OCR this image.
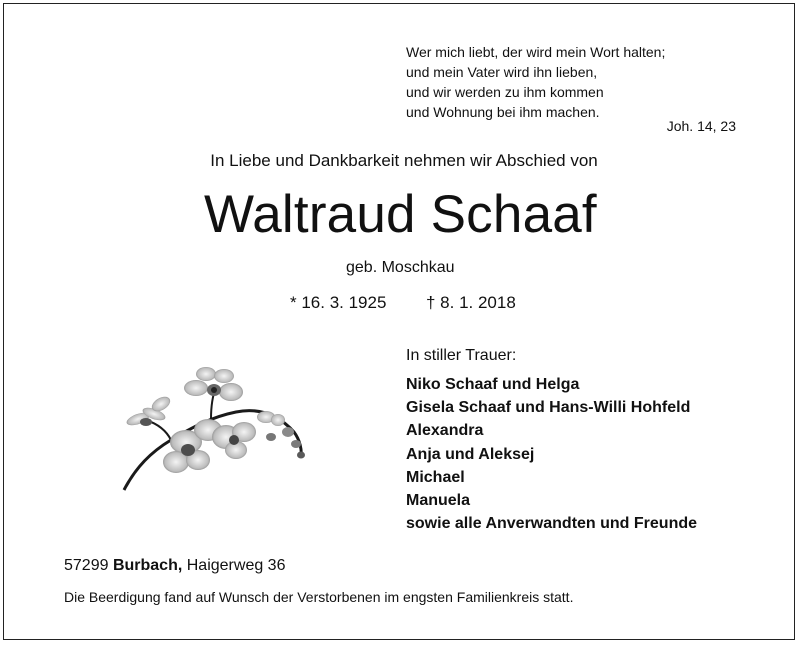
Wer mich liebt, der wird mein Wort halten;
und mein Vater wird ihn lieben,
und wir werden zu ihm kommen
und Wohnung bei ihm machen.
Joh. 14, 23
In Liebe und Dankbarkeit nehmen wir Abschied von
Waltraud Schaaf
geb. Moschkau
* 16. 3. 1925 † 8. 1. 2018
In stiller Trauer:
Niko Schaaf und Helga
Gisela Schaaf und Hans-Willi Hohfeld
Alexandra
Anja und Aleksej
Michael
Manuela
sowie alle Anverwandten und Freunde
57299 Burbach, Haigerweg 36
Die Beerdigung fand auf Wunsch der Verstorbenen im engsten Familienkreis statt.
